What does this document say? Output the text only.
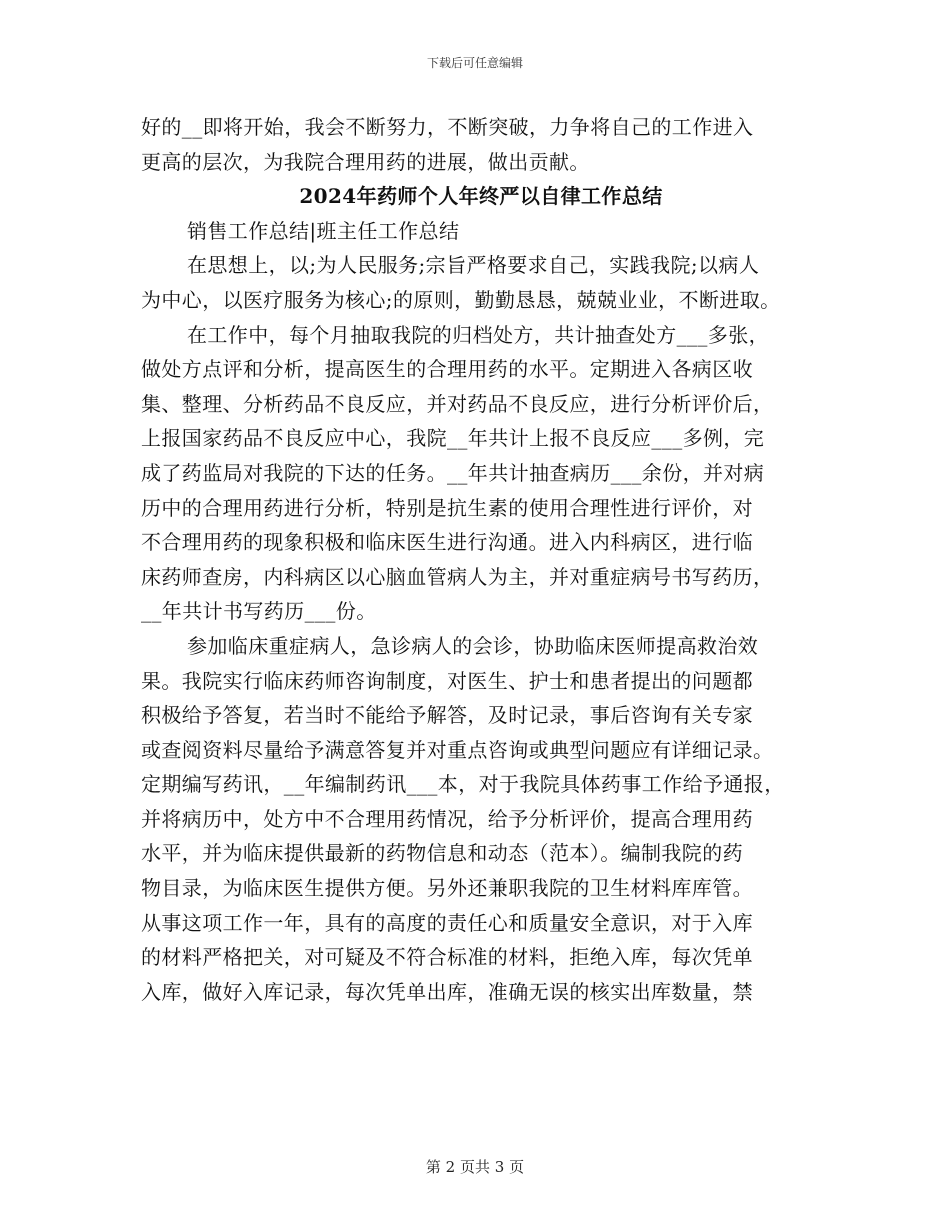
下载后可任意编辑
好的__即将开始，我会不断努力，不断突破，力争将自己的工作进入
更高的层次，为我院合理用药的进展，做出贡献。
2024年药师个人年终严以自律工作总结
销售工作总结|班主任工作总结
在思想上，以;为人民服务;宗旨严格要求自己，实践我院;以病人
为中心，以医疗服务为核心;的原则，勤勤恳恳，兢兢业业，不断进取。
在工作中，每个月抽取我院的归档处方，共计抽查处方___多张，
做处方点评和分析，提高医生的合理用药的水平。定期进入各病区收
集、整理、分析药品不良反应，并对药品不良反应，进行分析评价后，
上报国家药品不良反应中心，我院__年共计上报不良反应___多例，完
成了药监局对我院的下达的任务。__年共计抽查病历___余份，并对病
历中的合理用药进行分析，特别是抗生素的使用合理性进行评价，对
不合理用药的现象积极和临床医生进行沟通。进入内科病区，进行临
床药师查房，内科病区以心脑血管病人为主，并对重症病号书写药历，
__年共计书写药历___份。
参加临床重症病人，急诊病人的会诊，协助临床医师提高救治效
果。我院实行临床药师咨询制度，对医生、护士和患者提出的问题都
积极给予答复，若当时不能给予解答，及时记录，事后咨询有关专家
或查阅资料尽量给予满意答复并对重点咨询或典型问题应有详细记录。
定期编写药讯，__年编制药讯___本，对于我院具体药事工作给予通报，
并将病历中，处方中不合理用药情况，给予分析评价，提高合理用药
水平，并为临床提供最新的药物信息和动态（范本）。编制我院的药
物目录，为临床医生提供方便。另外还兼职我院的卫生材料库库管。
从事这项工作一年，具有的高度的责任心和质量安全意识，对于入库
的材料严格把关，对可疑及不符合标准的材料，拒绝入库，每次凭单
入库，做好入库记录，每次凭单出库，准确无误的核实出库数量，禁
第 2 页共 3 页
